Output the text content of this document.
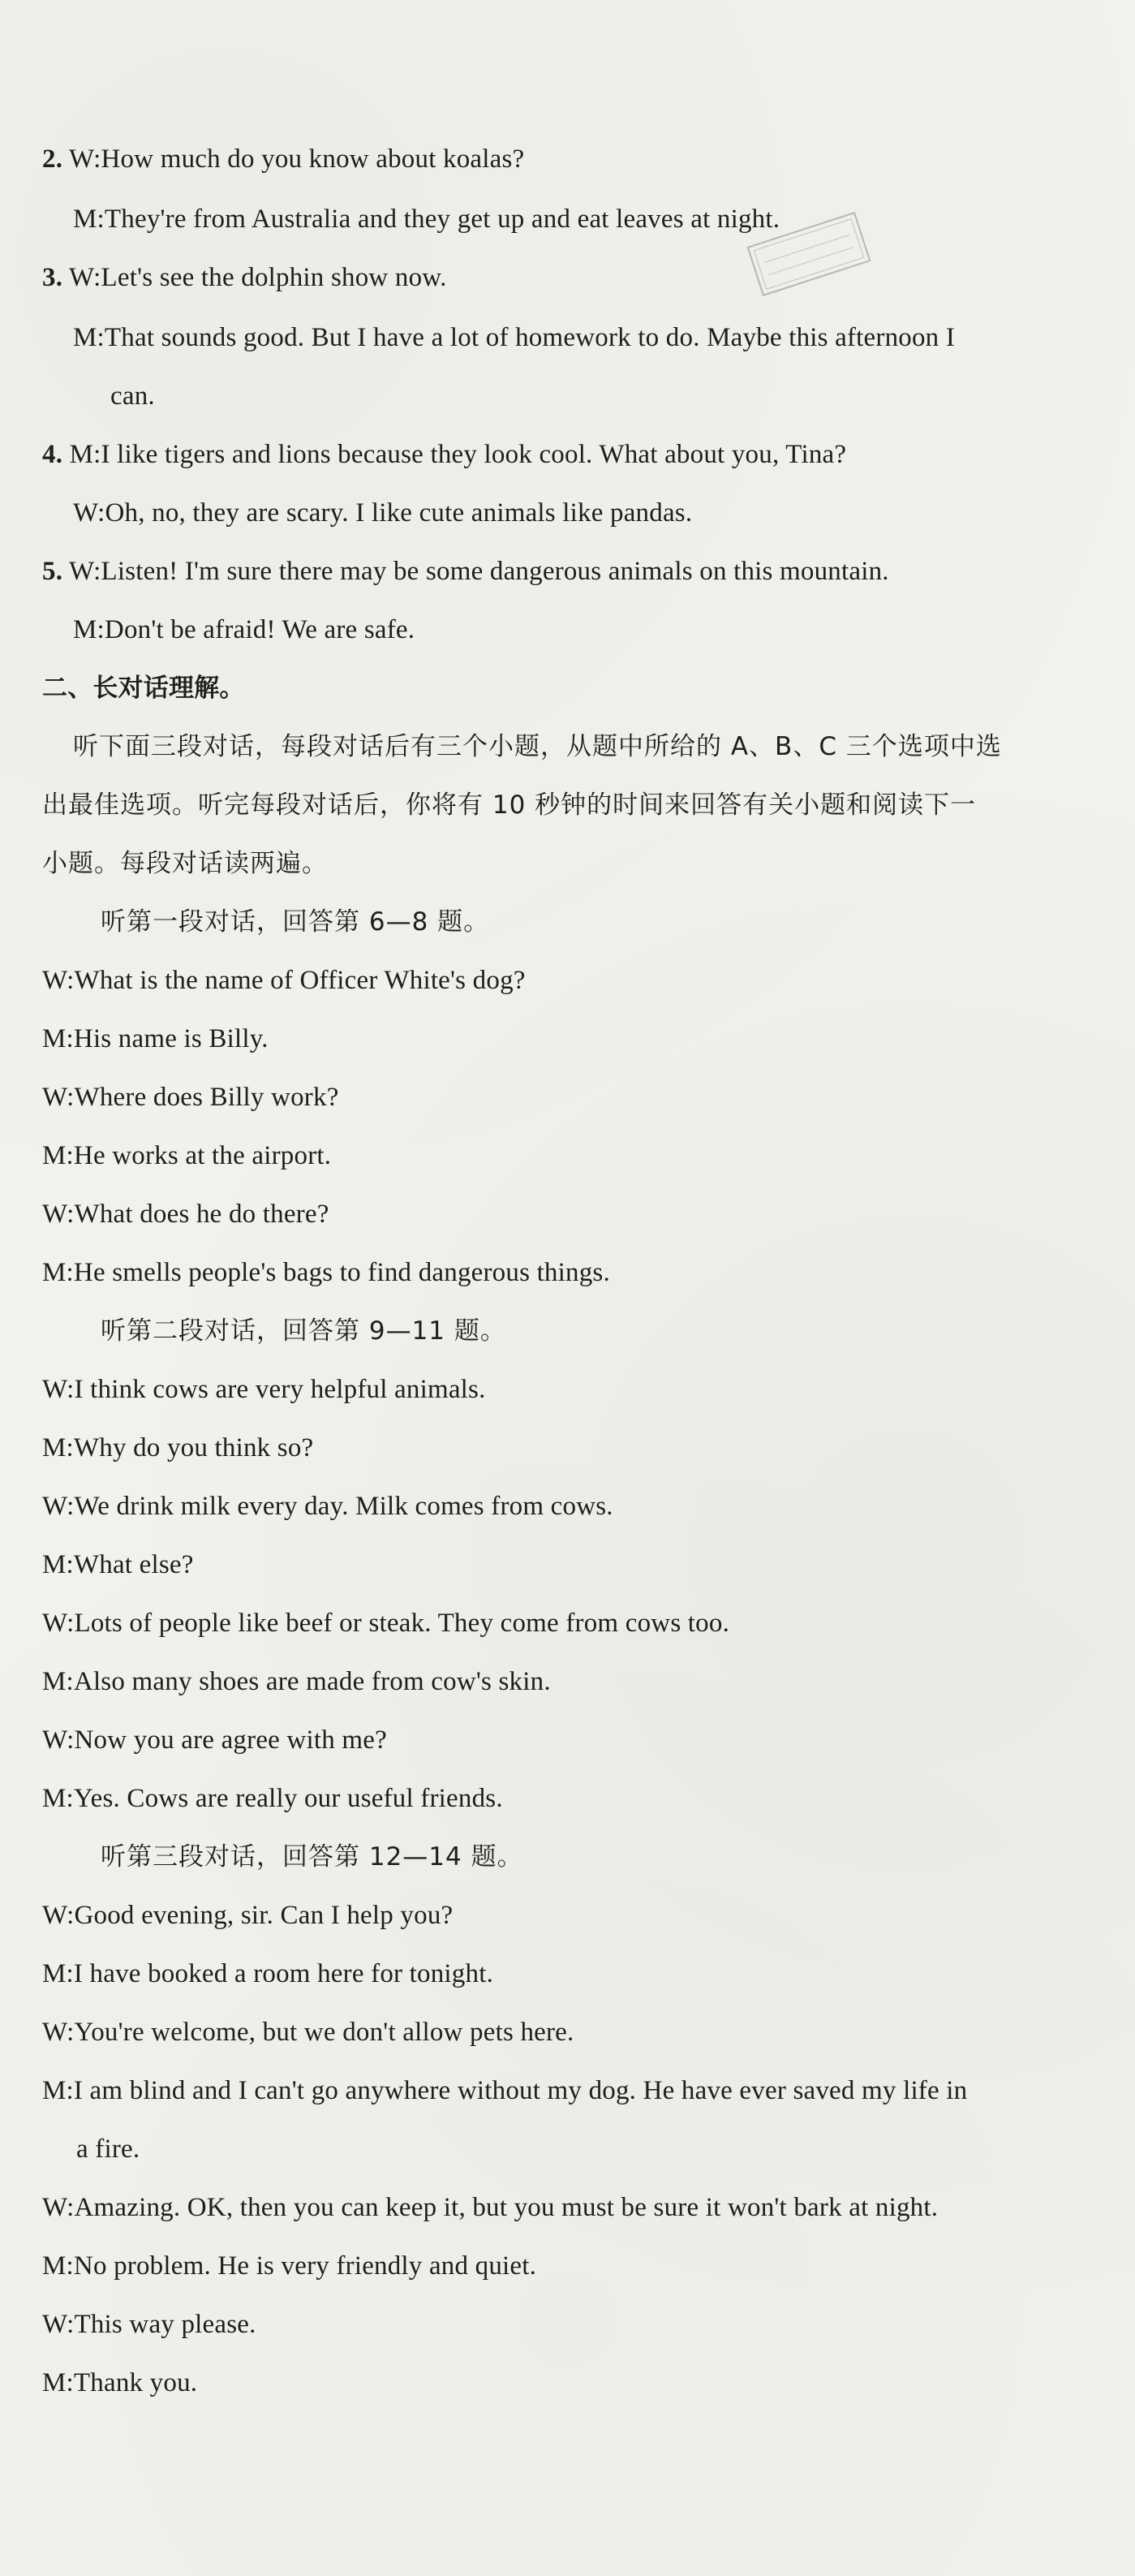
2. W:How much do you know about koalas?
M:They're from Australia and they get up and eat leaves at night.
3. W:Let's see the dolphin show now.
M:That sounds good. But I have a lot of homework to do. Maybe this afternoon I
can.
4. M:I like tigers and lions because they look cool. What about you, Tina?
W:Oh, no, they are scary. I like cute animals like pandas.
5. W:Listen! I'm sure there may be some dangerous animals on this mountain.
M:Don't be afraid! We are safe.
二、长对话理解。
听下面三段对话，每段对话后有三个小题，从题中所给的 A、B、C 三个选项中选
出最佳选项。听完每段对话后，你将有 10 秒钟的时间来回答有关小题和阅读下一
小题。每段对话读两遍。
听第一段对话，回答第 6—8 题。
W:What is the name of Officer White's dog?
M:His name is Billy.
W:Where does Billy work?
M:He works at the airport.
W:What does he do there?
M:He smells people's bags to find dangerous things.
听第二段对话，回答第 9—11 题。
W:I think cows are very helpful animals.
M:Why do you think so?
W:We drink milk every day. Milk comes from cows.
M:What else?
W:Lots of people like beef or steak. They come from cows too.
M:Also many shoes are made from cow's skin.
W:Now you are agree with me?
M:Yes. Cows are really our useful friends.
听第三段对话，回答第 12—14 题。
W:Good evening, sir. Can I help you?
M:I have booked a room here for tonight.
W:You're welcome, but we don't allow pets here.
M:I am blind and I can't go anywhere without my dog. He have ever saved my life in
a fire.
W:Amazing. OK, then you can keep it, but you must be sure it won't bark at night.
M:No problem. He is very friendly and quiet.
W:This way please.
M:Thank you.
